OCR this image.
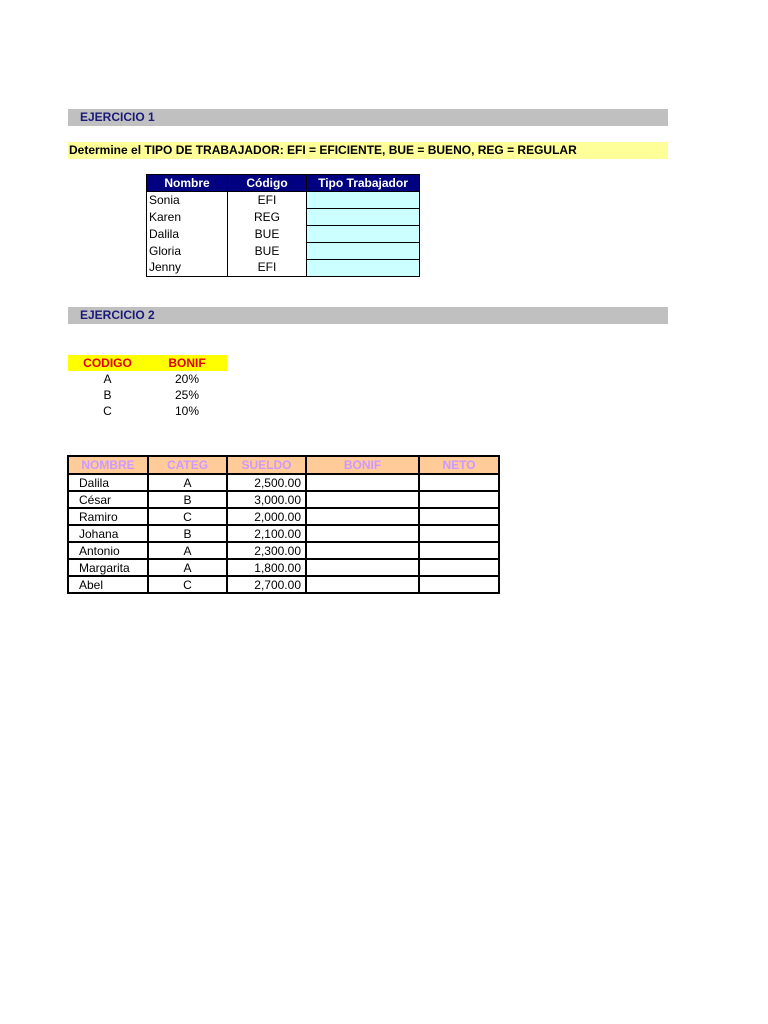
EJERCICIO 1
Determine el TIPO DE TRABAJADOR: EFI = EFICIENTE, BUE = BUENO, REG = REGULAR
Nombre	Código	Tipo Trabajador
Sonia	EFI	
Karen	REG	
Dalila	BUE	
Gloria	BUE	
Jenny	EFI	
EJERCICIO 2
CODIGO	BONIF
A	20%
B	25%
C	10%
NOMBRE	CATEG	SUELDO	BONIF	NETO
Dalila	A	2,500.00		
César	B	3,000.00		
Ramiro	C	2,000.00		
Johana	B	2,100.00		
Antonio	A	2,300.00		
Margarita	A	1,800.00		
Abel	C	2,700.00		
